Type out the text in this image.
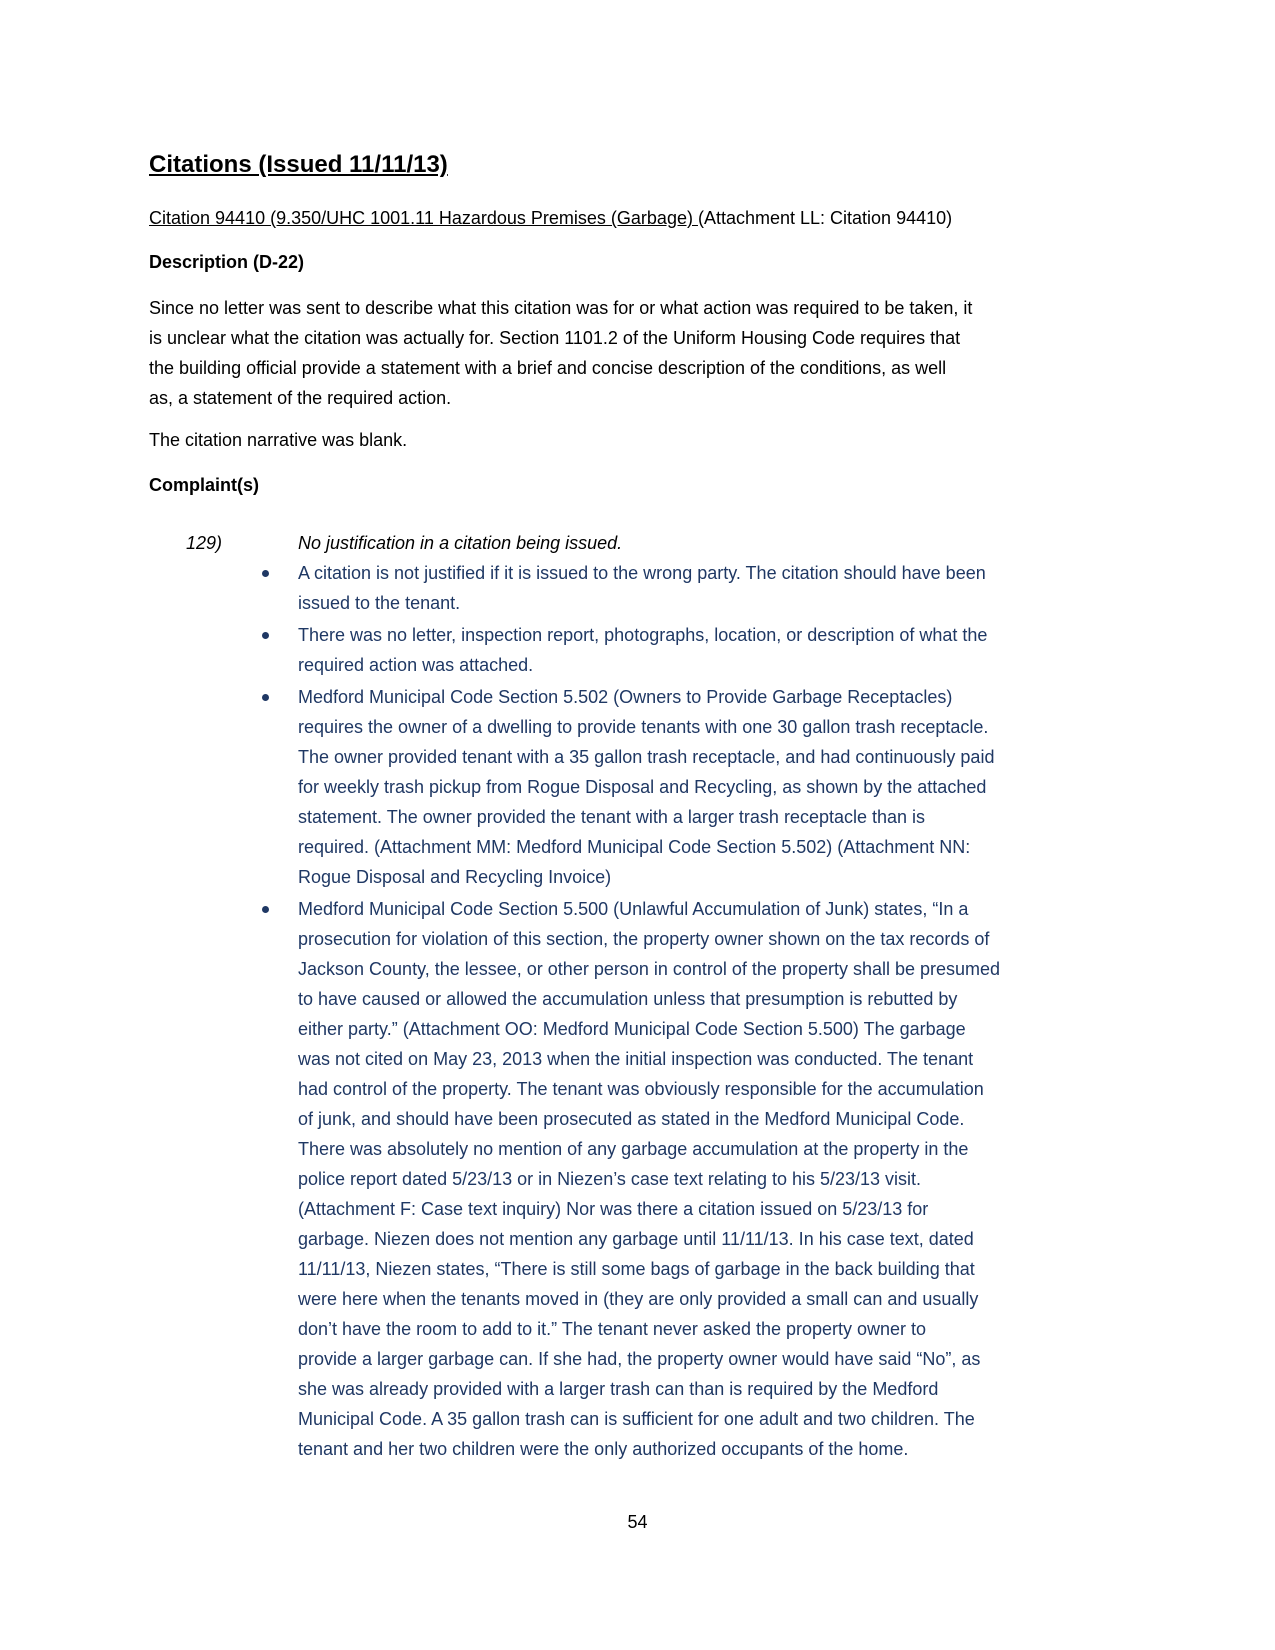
Citations (Issued 11/11/13)
Citation 94410 (9.350/UHC 1001.11 Hazardous Premises (Garbage) (Attachment LL: Citation 94410)
Description (D-22)
Since no letter was sent to describe what this citation was for or what action was required to be taken, it
is unclear what the citation was actually for. Section 1101.2 of the Uniform Housing Code requires that
the building official provide a statement with a brief and concise description of the conditions, as well
as, a statement of the required action.
The citation narrative was blank.
Complaint(s)
129)	No justification in a citation being issued.
A citation is not justified if it is issued to the wrong party. The citation should have been
issued to the tenant.
There was no letter, inspection report, photographs, location, or description of what the
required action was attached.
Medford Municipal Code Section 5.502 (Owners to Provide Garbage Receptacles)
requires the owner of a dwelling to provide tenants with one 30 gallon trash receptacle.
The owner provided tenant with a 35 gallon trash receptacle, and had continuously paid
for weekly trash pickup from Rogue Disposal and Recycling, as shown by the attached
statement. The owner provided the tenant with a larger trash receptacle than is
required. (Attachment MM: Medford Municipal Code Section 5.502) (Attachment NN:
Rogue Disposal and Recycling Invoice)
Medford Municipal Code Section 5.500 (Unlawful Accumulation of Junk) states, “In a
prosecution for violation of this section, the property owner shown on the tax records of
Jackson County, the lessee, or other person in control of the property shall be presumed
to have caused or allowed the accumulation unless that presumption is rebutted by
either party.” (Attachment OO: Medford Municipal Code Section 5.500) The garbage
was not cited on May 23, 2013 when the initial inspection was conducted. The tenant
had control of the property. The tenant was obviously responsible for the accumulation
of junk, and should have been prosecuted as stated in the Medford Municipal Code.
There was absolutely no mention of any garbage accumulation at the property in the
police report dated 5/23/13 or in Niezen’s case text relating to his 5/23/13 visit.
(Attachment F: Case text inquiry) Nor was there a citation issued on 5/23/13 for
garbage. Niezen does not mention any garbage until 11/11/13. In his case text, dated
11/11/13, Niezen states, “There is still some bags of garbage in the back building that
were here when the tenants moved in (they are only provided a small can and usually
don’t have the room to add to it.” The tenant never asked the property owner to
provide a larger garbage can. If she had, the property owner would have said “No”, as
she was already provided with a larger trash can than is required by the Medford
Municipal Code. A 35 gallon trash can is sufficient for one adult and two children. The
tenant and her two children were the only authorized occupants of the home.
54
